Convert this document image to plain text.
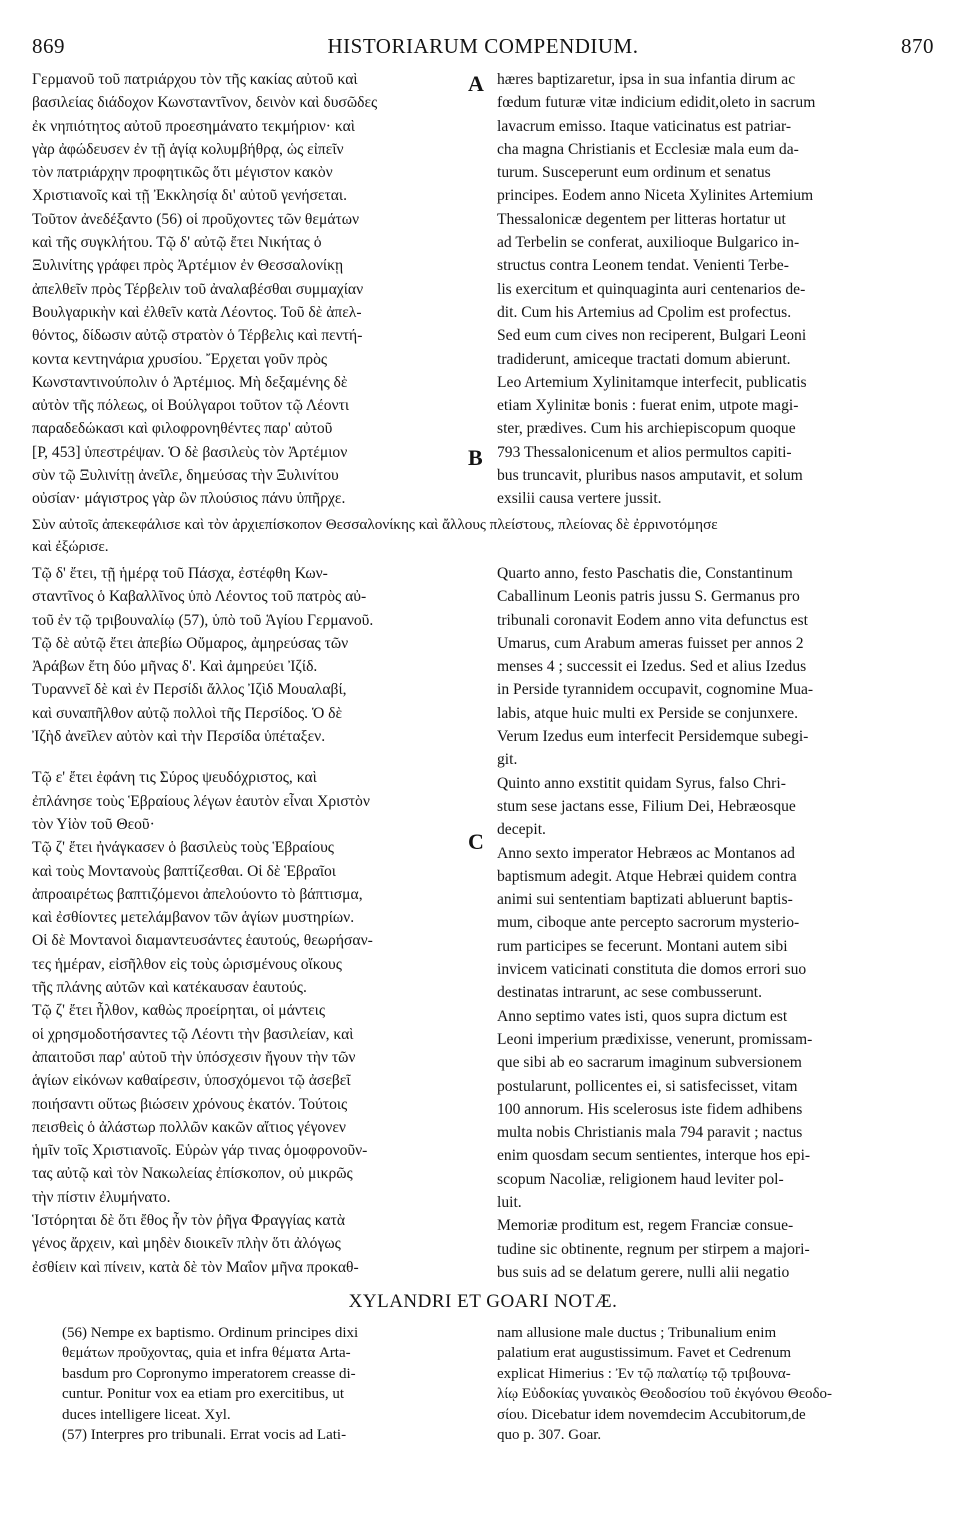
869	HISTORIARUM COMPENDIUM.	870
Γερμανοῦ τοῦ πατριάρχου τὸν τῆς κακίας αὐτοῦ καὶ
βασιλείας διάδοχον Κωνσταντῖνον, δεινὸν καὶ δυσῶδες
ἐκ νηπιότητος αὐτοῦ προεσημάνατο τεκμήριον· καὶ
γὰρ ἀφώδευσεν ἐν τῇ ἁγίᾳ κολυμβήθρᾳ, ὡς εἰπεῖν
τὸν πατριάρχην προφητικῶς ὅτι μέγιστον κακὸν
Χριστιανοῖς καὶ τῇ Ἐκκλησίᾳ δι' αὐτοῦ γενήσεται.
Τοῦτον ἀνεδέξαντο (56) οἱ προῦχοντες τῶν θεμάτων
καὶ τῆς συγκλήτου. Τῷ δ' αὐτῷ ἔτει Νικήτας ὁ
Ξυλινίτης γράφει πρὸς Ἀρτέμιον ἐν Θεσσαλονίκῃ
ἀπελθεῖν πρὸς Τέρβελιν τοῦ ἀναλαβέσθαι συμμαχίαν
Βουλγαρικὴν καὶ ἐλθεῖν κατὰ Λέοντος. Τοῦ δὲ ἀπελ-
θόντος, δίδωσιν αὐτῷ στρατὸν ὁ Τέρβελις καὶ πεντή-
κοντα κεντηνάρια χρυσίου. Ἔρχεται γοῦν πρὸς
Κωνσταντινούπολιν ὁ Ἀρτέμιος. Μὴ δεξαμένης δὲ
αὐτὸν τῆς πόλεως, οἱ Βούλγαροι τοῦτον τῷ Λέοντι
παραδεδώκασι καὶ φιλοφρονηθέντες παρ' αὐτοῦ
[P, 453] ὑπεστρέψαν. Ὁ δὲ βασιλεὺς τὸν Ἀρτέμιον
σὺν τῷ Ξυλινίτῃ ἀνεῖλε, δημεύσας τὴν Ξυλινίτου
οὐσίαν· μάγιστρος γὰρ ὢν πλούσιος πάνυ ὑπῆρχε.
A hæres baptizaretur, ipsa in sua infantia dirum ac
fœdum futuræ vitæ indicium edidit,oleto in sacrum
lavacrum emisso. Itaque vaticinatus est patriar-
cha magna Christianis et Ecclesiæ mala eum da-
turum. Susceperunt eum ordinum et senatus
principes. Eodem anno Niceta Xylinites Artemium
Thessalonicæ degentem per litteras hortatur ut
ad Terbelin se conferat, auxilioque Bulgarico in-
structus contra Leonem tendat. Venienti Terbe-
lis exercitum et quinquaginta auri centenarios de-
dit. Cum his Artemius ad Cpolim est profectus.
Sed eum cum cives non reciperent, Bulgari Leoni
tradiderunt, amiceque tractati domum abierunt.
Leo Artemium Xylinitamque interfecit, publicatis
etiam Xylinitæ bonis : fuerat enim, utpote magi-
ster, prædives. Cum his archiepiscopum quoque
793 Thessalonicenum et alios permultos capiti-
bus truncavit, pluribus nasos amputavit, et solum
exsilii causa vertere jussit.
B
Σὺν αὐτοῖς ἀπεκεφάλισε καὶ τὸν ἀρχιεπίσκοπον Θεσσαλονίκης καὶ ἄλλους πλείστους, πλείονας δὲ ἐρρινοτόμησε
καὶ ἐξώρισε.
Τῷ δ' ἔτει, τῇ ἡμέρᾳ τοῦ Πάσχα, ἐστέφθη Κων-
σταντῖνος ὁ Καβαλλῖνος ὑπὸ Λέοντος τοῦ πατρὸς αὐ-
τοῦ ἐν τῷ τριβουναλίῳ (57), ὑπὸ τοῦ Ἁγίου Γερμανοῦ.
Τῷ δὲ αὐτῷ ἔτει ἀπεβίω Οὔμαρος, ἀμηρεύσας τῶν
Ἀράβων ἔτη δύο μῆνας δ'. Καὶ ἀμηρεύει Ἰζίδ.
Τυραννεῖ δὲ καὶ ἐν Περσίδι ἄλλος Ἰζὶδ Μουαλαβί,
καὶ συναπῆλθον αὐτῷ πολλοὶ τῆς Περσίδος. Ὁ δὲ
Ἰζὴδ ἀνεῖλεν αὐτὸν καὶ τὴν Περσίδα ὑπέταξεν.
Τῷ ε' ἔτει ἐφάνη τις Σύρος ψευδόχριστος, καὶ
ἐπλάνησε τοὺς Ἑβραίους λέγων ἑαυτὸν εἶναι Χριστὸν
τὸν Υἱὸν τοῦ Θεοῦ·
Τῷ ζ' ἔτει ἠνάγκασεν ὁ βασιλεὺς τοὺς Ἑβραίους
καὶ τοὺς Μοντανοὺς βαπτίζεσθαι. Οἱ δὲ Ἑβραῖοι
ἀπροαιρέτως βαπτιζόμενοι ἀπελούοντο τὸ βάπτισμα,
καὶ ἐσθίοντες μετελάμβανον τῶν ἁγίων μυστηρίων.
Οἱ δὲ Μοντανοὶ διαμαντευσάντες ἑαυτούς, θεωρήσαν-
τες ἡμέραν, εἰσῆλθον εἰς τοὺς ὡρισμένους οἴκους
τῆς πλάνης αὐτῶν καὶ κατέκαυσαν ἑαυτούς.
Τῷ ζ' ἔτει ἦλθον, καθὼς προείρηται, οἱ μάντεις
οἱ χρησμοδοτήσαντες τῷ Λέοντι τὴν βασιλείαν, καὶ
ἀπαιτοῦσι παρ' αὐτοῦ τὴν ὑπόσχεσιν ἤγουν τὴν τῶν
ἁγίων εἰκόνων καθαίρεσιν, ὑποσχόμενοι τῷ ἀσεβεῖ
ποιήσαντι οὕτως βιώσειν χρόνους ἑκατόν. Τούτοις
πεισθεὶς ὁ ἀλάστωρ πολλῶν κακῶν αἴτιος γέγονεν
ἡμῖν τοῖς Χριστιανοῖς. Εὑρὼν γάρ τινας ὁμοφρονοῦν-
τας αὐτῷ καὶ τὸν Νακωλείας ἐπίσκοπον, οὐ μικρῶς
τὴν πίστιν ἐλυμήνατο.
Ἱστόρηται δὲ ὅτι ἔθος ἦν τὸν ῥῆγα Φραγγίας κατὰ
γένος ἄρχειν, καὶ μηδὲν διοικεῖν πλὴν ὅτι ἀλόγως
ἐσθίειν καὶ πίνειν, κατὰ δὲ τὸν Μαΐον μῆνα προκαθ-
C
Quarto anno, festo Paschatis die, Constantinum
Caballinum Leonis patris jussu S. Germanus pro
tribunali coronavit Eodem anno vita defunctus est
Umarus, cum Arabum ameras fuisset per annos 2
menses 4 ; successit ei Izedus. Sed et alius Izedus
in Perside tyrannidem occupavit, cognomine Mua-
labis, atque huic multi ex Perside se conjunxere.
Verum Izedus eum interfecit Persidemque subegi-
git.
Quinto anno exstitit quidam Syrus, falso Chri-
stum sese jactans esse, Filium Dei, Hebræosque
decepit.
Anno sexto imperator Hebræos ac Montanos ad
baptismum adegit. Atque Hebræi quidem contra
animi sui sententiam baptizati abluerunt baptis-
mum, ciboque ante percepto sacrorum mysterio-
rum participes se fecerunt. Montani autem sibi
invicem vaticinati constituta die domos errori suo
destinatas intrarunt, ac sese combusserunt.
Anno septimo vates isti, quos supra dictum est
Leoni imperium prædixisse, venerunt, promissam-
que sibi ab eo sacrarum imaginum subversionem
postularunt, pollicentes ei, si satisfecisset, vitam
100 annorum. His scelerosus iste fidem adhibens
multa nobis Christianis mala 794 paravit ; nactus
enim quosdam secum sentientes, interque hos epi-
scopum Nacoliæ, religionem haud leviter pol-
luit.
Memoriæ proditum est, regem Franciæ consue-
tudine sic obtinente, regnum per stirpem a majori-
bus suis ad se delatum gerere, nulli alii negatio
XYLANDRI ET GOARI NOTÆ.
(56) Nempe ex baptismo. Ordinum principes dixi
θεμάτων προῦχοντας, quia et infra θέματα Arta-
basdum pro Copronymo imperatorem creasse di-
cuntur. Ponitur vox ea etiam pro exercitibus, ut
duces intelligere liceat. Xyl.
(57) Interpres pro tribunali. Errat vocis ad Lati-
nam allusione male ductus ; Tribunalium enim
palatium erat augustissimum. Favet et Cedrenum
explicat Himerius : Ἐν τῷ παλατίῳ τῷ τριβουνα-
λίῳ Εὐδοκίας γυναικὸς Θεοδοσίου τοῦ ἐκγόνου Θεοδο-
σίου. Dicebatur idem novemdecim Accubitorum,de
quo p. 307. Goar.
